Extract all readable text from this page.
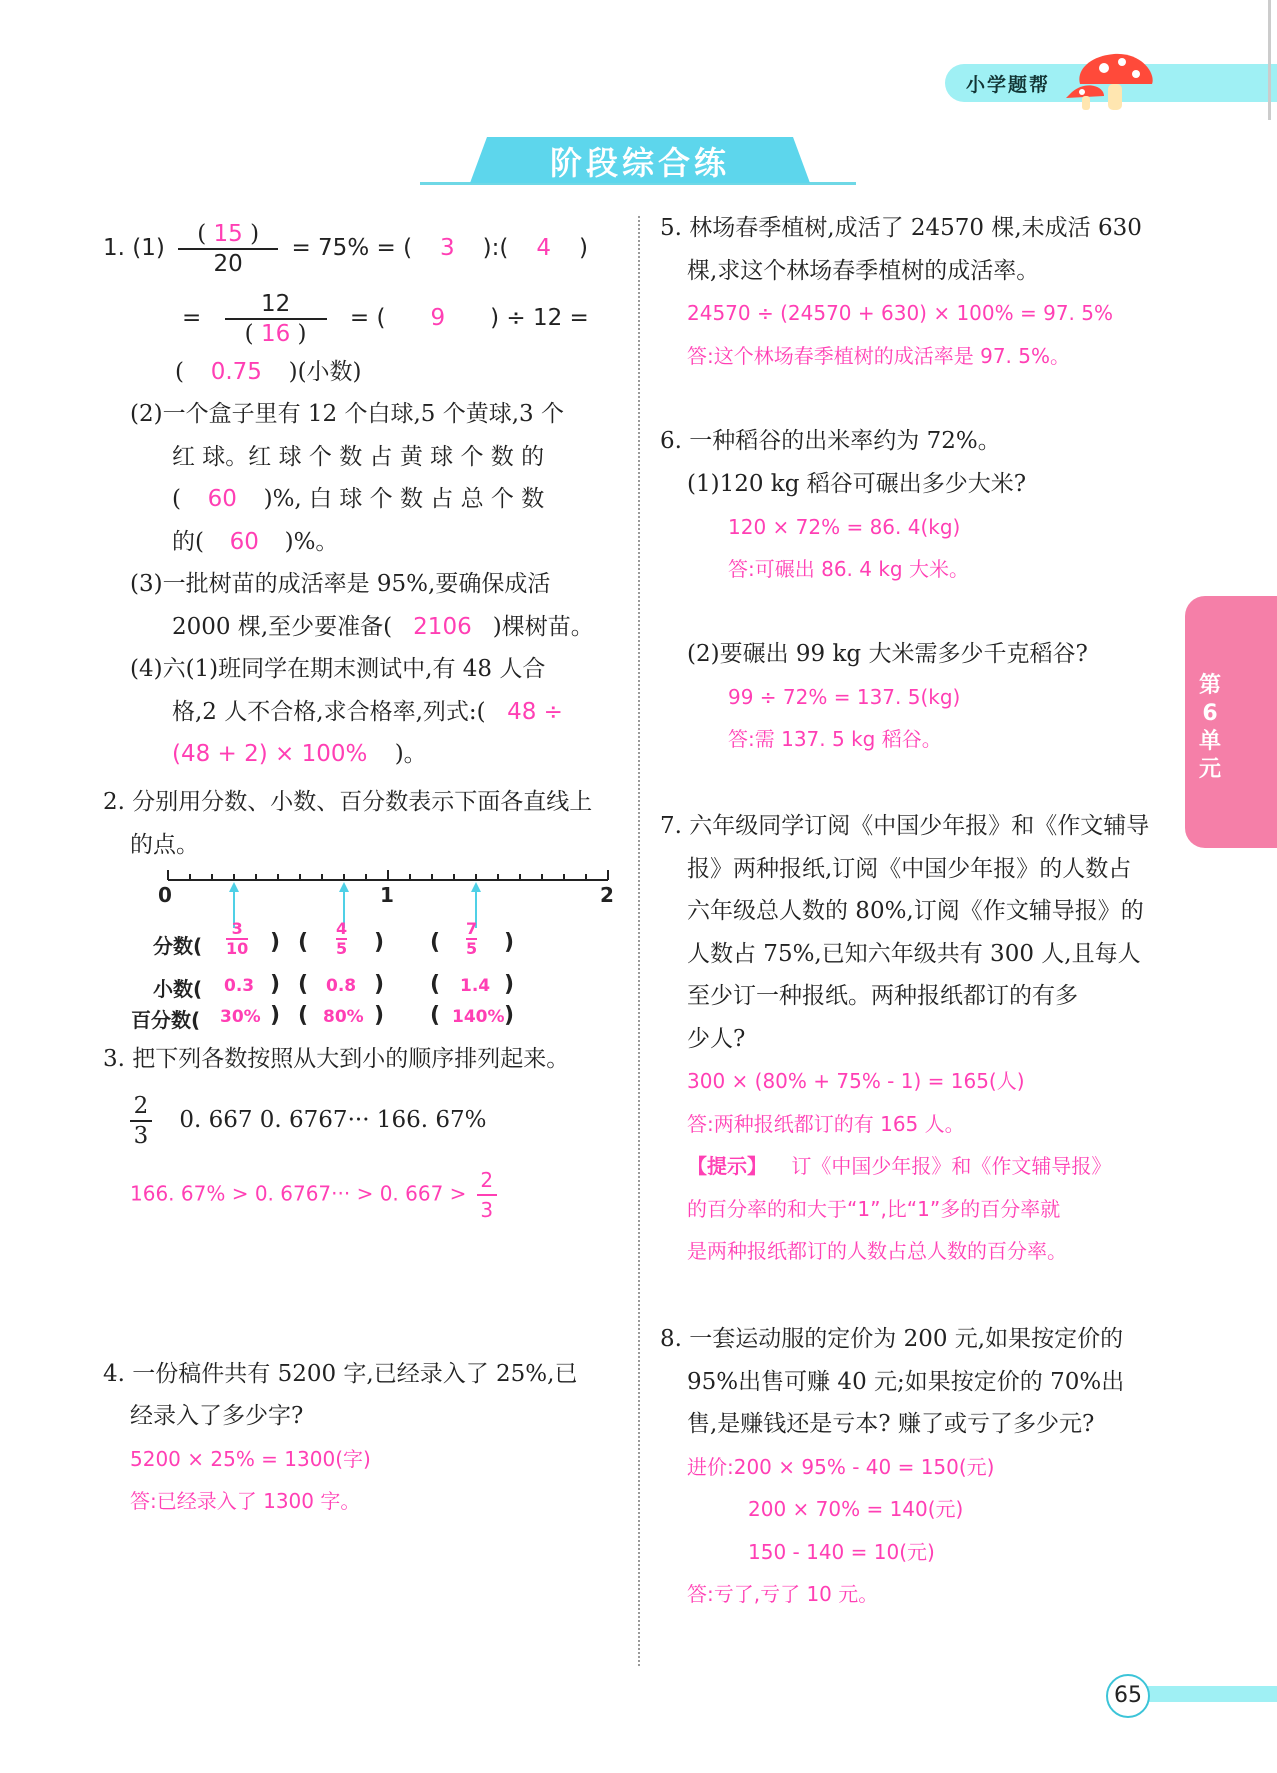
小学题帮
阶段综合练
1. $(1) \frac{( 15 )}{20} = 75\%$ = ( 3 ):( 4 )
= $\frac{12}{( 16 )}$ = ( 9 ) ÷ 12 =
( 0.75 )(小数)
(2)一个盒子里有 12 个白球,5 个黄球,3 个
红 球。红 球 个 数 占 黄 球 个 数 的
( 60 )%, 白 球 个 数 占 总 个 数
的( 60 )%。
(3)一批树苗的成活率是 95%,要确保成活
2000 棵,至少要准备( 2106 )棵树苗。
(4)六(1)班同学在期末测试中,有 48 人合
格,2 人不合格,求合格率,列式:( 48 ÷
(48 + 2) × 100% )。
2. 分别用分数、小数、百分数表示下面各直线上
的点。
0	1	2
分数( $\frac{3}{10}$ ) ( $\frac{4}{5}$ ) ( $\frac{7}{5}$ )
小数( 0.3 ) ( 0.8 ) ( 1.4 )
百分数( 30% ) ( 80% ) ( 140% )
3. 把下列各数按照从大到小的顺序排列起来。
$\frac{2}{3} 0$. 667 0. 6767··· 166. 67%
166. 67% > 0. 6767··· > 0. $667 > \frac{2}{3}$
4. 一份稿件共有 5200 字,已经录入了 25%,已
经录入了多少字?
5200 × 25% = 1300(字)
答:已经录入了 1300 字。
5. 林场春季植树,成活了 24570 棵,未成活 630
棵,求这个林场春季植树的成活率。
24570 ÷ (24570 + 630) × 100% = 97. 5%
答:这个林场春季植树的成活率是 97. 5%。
6. 一种稻谷的出米率约为 72%。
(1)120 kg 稻谷可碾出多少大米?
120 × 72% = 86. 4(kg)
答:可碾出 86. 4 kg 大米。
(2)要碾出 99 kg 大米需多少千克稻谷?
99 ÷ 72% = 137. 5(kg)
答:需 137. 5 kg 稻谷。
7. 六年级同学订阅《中国少年报》和《作文辅导
报》两种报纸,订阅《中国少年报》的人数占
六年级总人数的 80%,订阅《作文辅导报》的
人数占 75%,已知六年级共有 300 人,且每人
至少订一种报纸。两种报纸都订的有多
少人?
300 × (80% + 75% - 1) = 165(人)
答:两种报纸都订的有 165 人。
【提示】 订《中国少年报》和《作文辅导报》
的百分率的和大于“1”,比“1”多的百分率就
是两种报纸都订的人数占总人数的百分率。
8. 一套运动服的定价为 200 元,如果按定价的
95%出售可赚 40 元;如果按定价的 70%出
售,是赚钱还是亏本? 赚了或亏了多少元?
进价:200 × 95% - 40 = 150(元)
200 × 70% = 140(元)
150 - 140 = 10(元)
答:亏了,亏了 10 元。
第
6
单
元
65
